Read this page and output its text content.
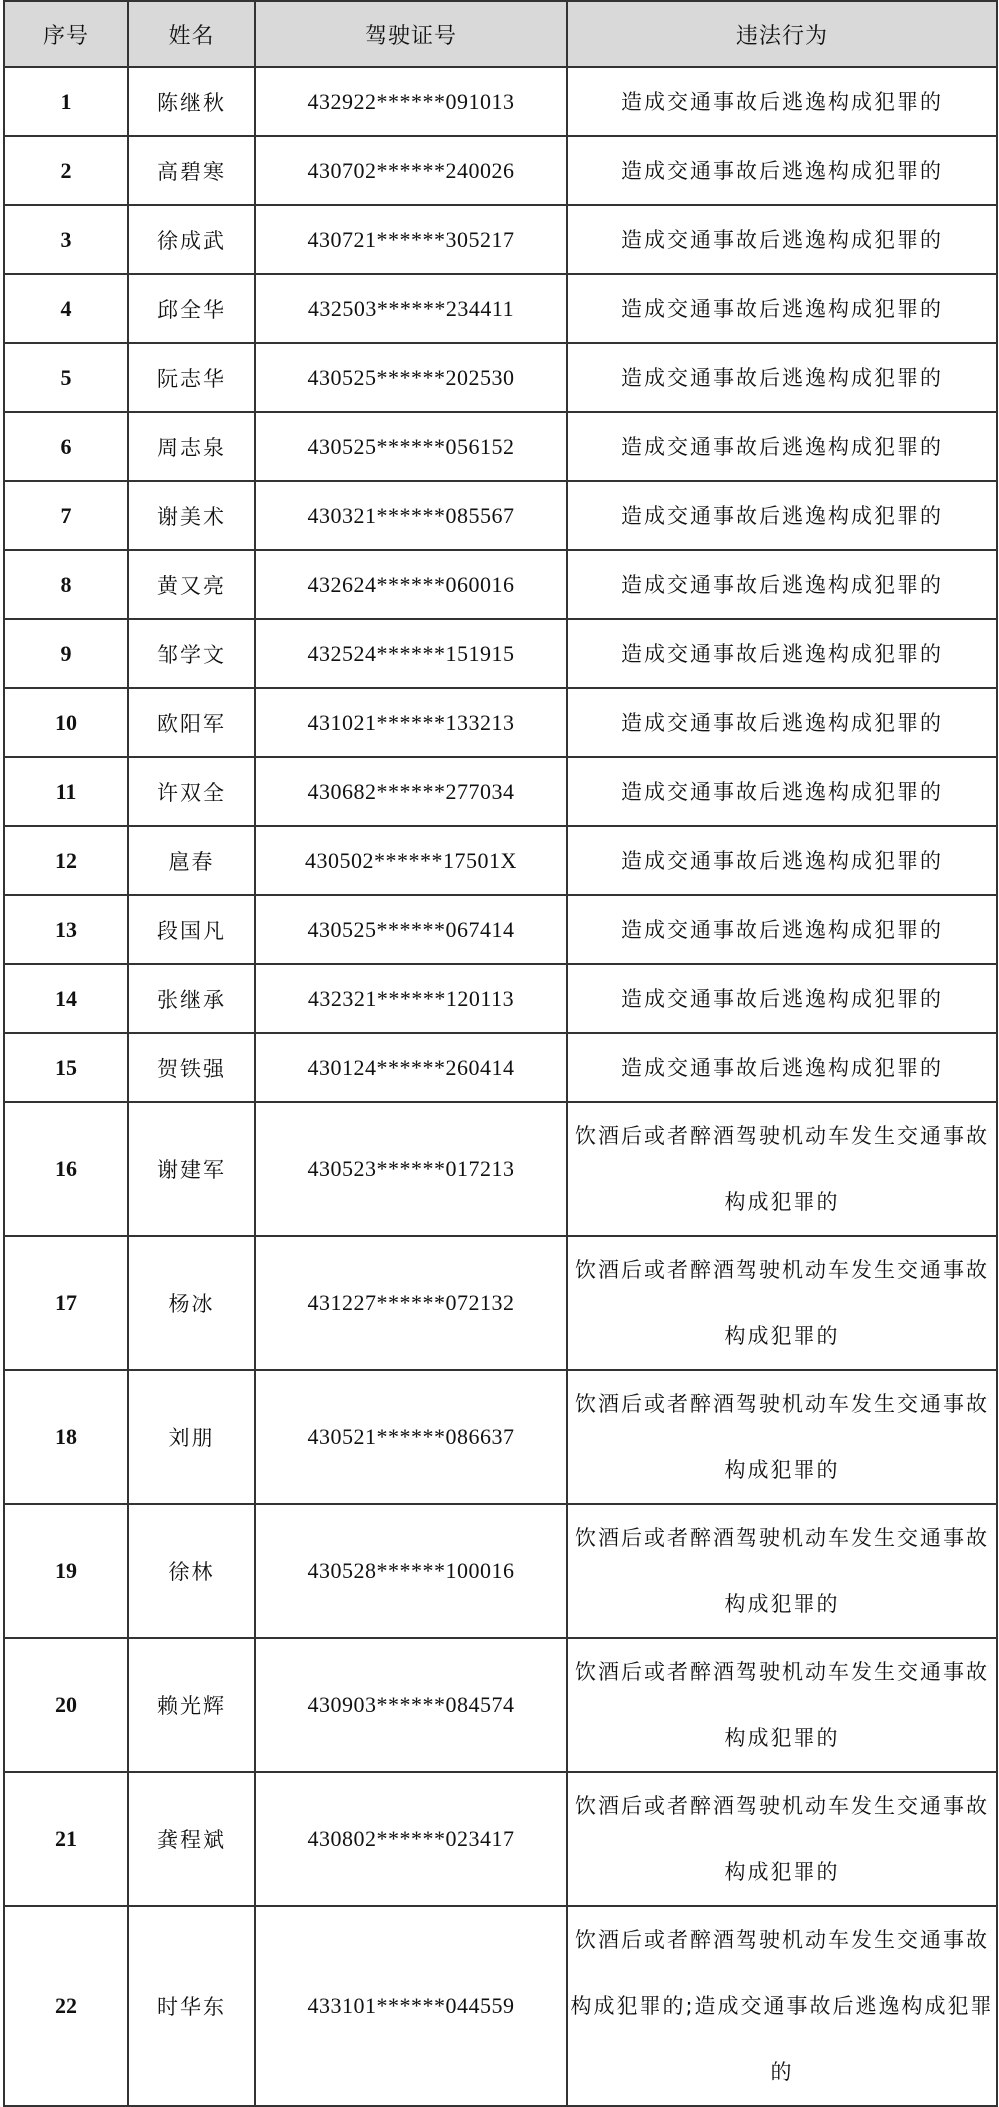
序号	姓名	驾驶证号	违法行为
1	陈继秋	432922******091013	造成交通事故后逃逸构成犯罪的
2	高碧寒	430702******240026	造成交通事故后逃逸构成犯罪的
3	徐成武	430721******305217	造成交通事故后逃逸构成犯罪的
4	邱全华	432503******234411	造成交通事故后逃逸构成犯罪的
5	阮志华	430525******202530	造成交通事故后逃逸构成犯罪的
6	周志泉	430525******056152	造成交通事故后逃逸构成犯罪的
7	谢美术	430321******085567	造成交通事故后逃逸构成犯罪的
8	黄又亮	432624******060016	造成交通事故后逃逸构成犯罪的
9	邹学文	432524******151915	造成交通事故后逃逸构成犯罪的
10	欧阳军	431021******133213	造成交通事故后逃逸构成犯罪的
11	许双全	430682******277034	造成交通事故后逃逸构成犯罪的
12	扈春	430502******17501X	造成交通事故后逃逸构成犯罪的
13	段国凡	430525******067414	造成交通事故后逃逸构成犯罪的
14	张继承	432321******120113	造成交通事故后逃逸构成犯罪的
15	贺铁强	430124******260414	造成交通事故后逃逸构成犯罪的
16	谢建军	430523******017213	饮酒后或者醉酒驾驶机动车发生交通事故构成犯罪的
17	杨冰	431227******072132	饮酒后或者醉酒驾驶机动车发生交通事故构成犯罪的
18	刘朋	430521******086637	饮酒后或者醉酒驾驶机动车发生交通事故构成犯罪的
19	徐林	430528******100016	饮酒后或者醉酒驾驶机动车发生交通事故构成犯罪的
20	赖光辉	430903******084574	饮酒后或者醉酒驾驶机动车发生交通事故构成犯罪的
21	龚程斌	430802******023417	饮酒后或者醉酒驾驶机动车发生交通事故构成犯罪的
22	时华东	433101******044559	饮酒后或者醉酒驾驶机动车发生交通事故构成犯罪的;造成交通事故后逃逸构成犯罪的
